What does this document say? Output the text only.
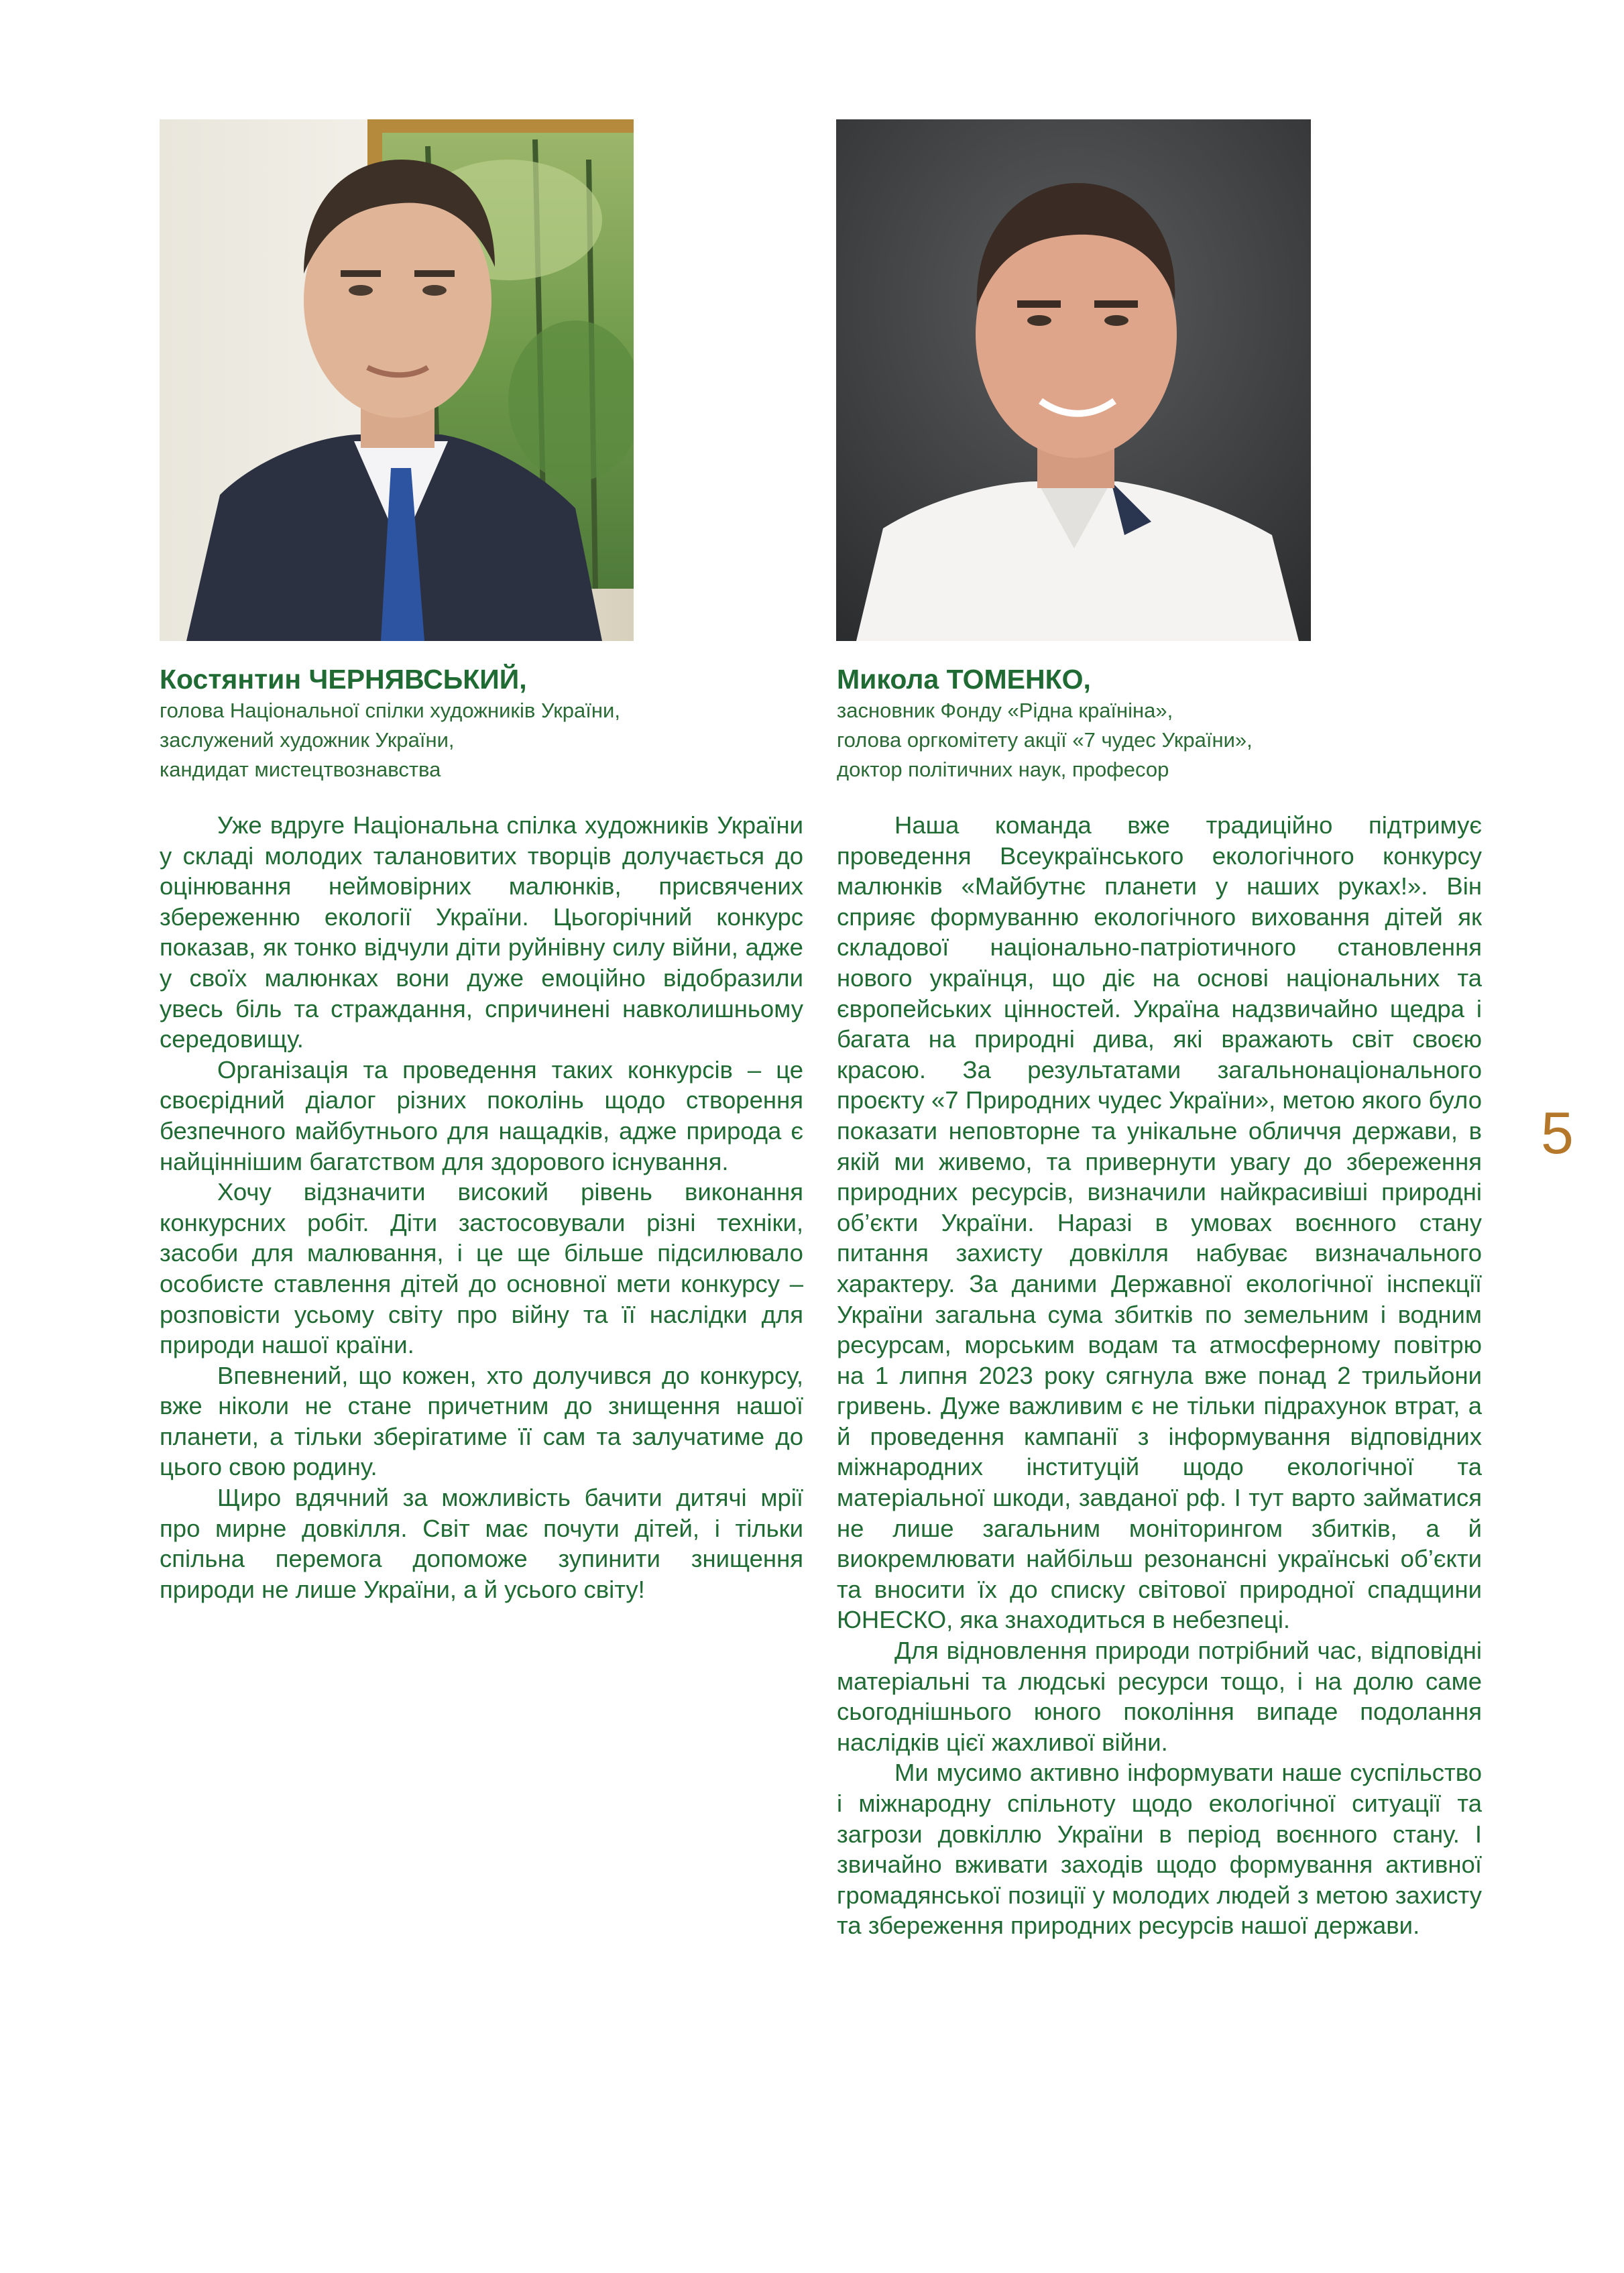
Костянтин ЧЕРНЯВСЬКИЙ,
голова Національної спілки художників України,
заслужений художник України,
кандидат мистецтвознавства
Микола ТОМЕНКО,
засновник Фонду «Рідна країніна»,
голова оргкомітету акції «7 чудес України»,
доктор політичних наук, професор

Уже вдруге Національна спілка художників України у складі молодих талановитих творців долучається до оцінювання неймовірних малюнків, присвячених збереженню екології України. Цьогорічний конкурс показав, як тонко відчули діти руйнівну силу війни, адже у своїх малюнках вони дуже емоційно відобразили увесь біль та страждання, спричинені навколишньому середовищу.

Організація та проведення таких конкурсів – це своєрідний діалог різних поколінь щодо створення безпечного майбутнього для нащадків, адже природа є найціннішим багатством для здорового існування.

Хочу відзначити високий рівень виконання конкурсних робіт. Діти застосовували різні техніки, засоби для малювання, і це ще більше підсилювало особисте ставлення дітей до основної мети конкурсу – розповісти усьому світу про війну та її наслідки для природи нашої країни.

Впевнений, що кожен, хто долучився до конкурсу, вже ніколи не стане причетним до знищення нашої планети, а тільки зберігатиме її сам та залучатиме до цього свою родину.

Щиро вдячний за можливість бачити дитячі мрії про мирне довкілля. Світ має почути дітей, і тільки спільна перемога допоможе зупинити знищення природи не лише України, а й усього світу!

Наша команда вже традиційно підтримує проведення Всеукраїнського екологічного конкурсу малюнків «Майбутнє планети у наших руках!». Він сприяє формуванню екологічного виховання дітей як складової національно-патріотичного становлення нового українця, що діє на основі національних та європейських цінностей. Україна надзвичайно щедра і багата на природні дива, які вражають світ своєю красою. За результатами загальнонаціонального проєкту «7 Природних чудес України», метою якого було показати неповторне та унікальне обличчя держави, в якій ми живемо, та привернути увагу до збереження природних ресурсів, визначили найкрасивіші природні об’єкти України. Наразі в умовах воєнного стану питання захисту довкілля набуває визначального характеру. За даними Державної екологічної інспекції України загальна сума збитків по земельним і водним ресурсам, морським водам та атмосферному повітрю на 1 липня 2023 року сягнула вже понад 2 трильйони гривень. Дуже важливим є не тільки підрахунок втрат, а й проведення кампанії з інформування відповідних міжнародних інституцій щодо екологічної та матеріальної шкоди, завданої рф. І тут варто займатися не лише загальним моніторингом збитків, а й виокремлювати найбільш резонансні українські об’єкти та вносити їх до списку світової природної спадщини ЮНЕСКО, яка знаходиться в небезпеці.

Для відновлення природи потрібний час, відповідні матеріальні та людські ресурси тощо, і на долю саме сьогоднішнього юного покоління випаде подолання наслідків цієї жахливої війни.

Ми мусимо активно інформувати наше суспільство і міжнародну спільноту щодо екологічної ситуації та загрози довкіллю України в період воєнного стану. І звичайно вживати заходів щодо формування активної громадянської позиції у молодих людей з метою захисту та збереження природних ресурсів нашої держави.

5
